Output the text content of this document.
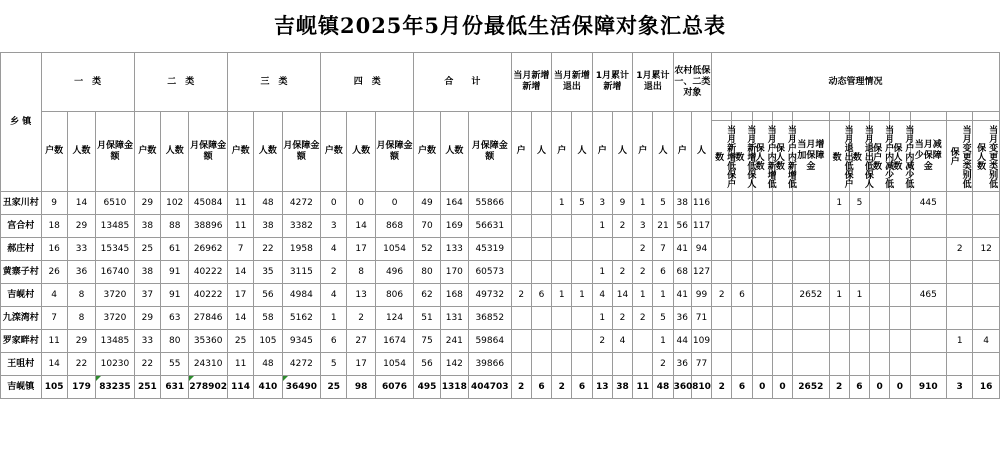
吉岘镇2025年5月份最低生活保障对象汇总表
乡 镇	一　类			二　类			三　类			四　类			合　　计			当月新增新增		当月新增退出		1月累计新增		1月累计退出		农村低保一、二类对象		动态管理情况											
	户数	人数	月保障金额	户数	人数	月保障金额	户数	人数	月保障金额	户数	人数	月保障金额	户数	人数	月保障金额	户	人	户	人	户	人	户	人	户	人												

																										当月新增低保户数	当月新增低保人数	当月户内新增低保人数	当月户内新增低保人数	当月增加保障金	当月退出低保户数	当月退出低保人数	当月户内减少低保户数	当月户内减少低保人数	当月减少保障金	当月变更类别低保户	当月变更类别低保人数

丑家川村	9	14	6510	29	102	45084	11	48	4272	0	0	0	49	164	55866			1	5	3	9	1	5	38	116						1	5			445		
宫合村	18	29	13485	38	88	38896	11	38	3382	3	14	868	70	169	56631					1	2	3	21	56	117												
郝庄村	16	33	15345	25	61	26962	7	22	1958	4	17	1054	52	133	45319							2	7	41	94											2	12
黄寨子村	26	36	16740	38	91	40222	14	35	3115	2	8	496	80	170	60573					1	2	2	6	68	127												
吉岘村	4	8	3720	37	91	40222	17	56	4984	4	13	806	62	168	49732	2	6	1	1	4	14	1	1	41	99	2	6			2652	1	1			465		
九滦湾村	7	8	3720	29	63	27846	14	58	5162	1	2	124	51	131	36852					1	2	2	5	36	71												
罗家畔村	11	29	13485	33	80	35360	25	105	9345	6	27	1674	75	241	59864					2	4		1	44	109											1	4
王咀村	14	22	10230	22	55	24310	11	48	4272	5	17	1054	56	142	39866								2	36	77												
吉岘镇	105	179	83235	251	631	278902	114	410	36490	25	98	6076	495	1318	404703	2	6	2	6	13	38	11	48	360	810	2	6	0	0	2652	2	6	0	0	910	3	16
